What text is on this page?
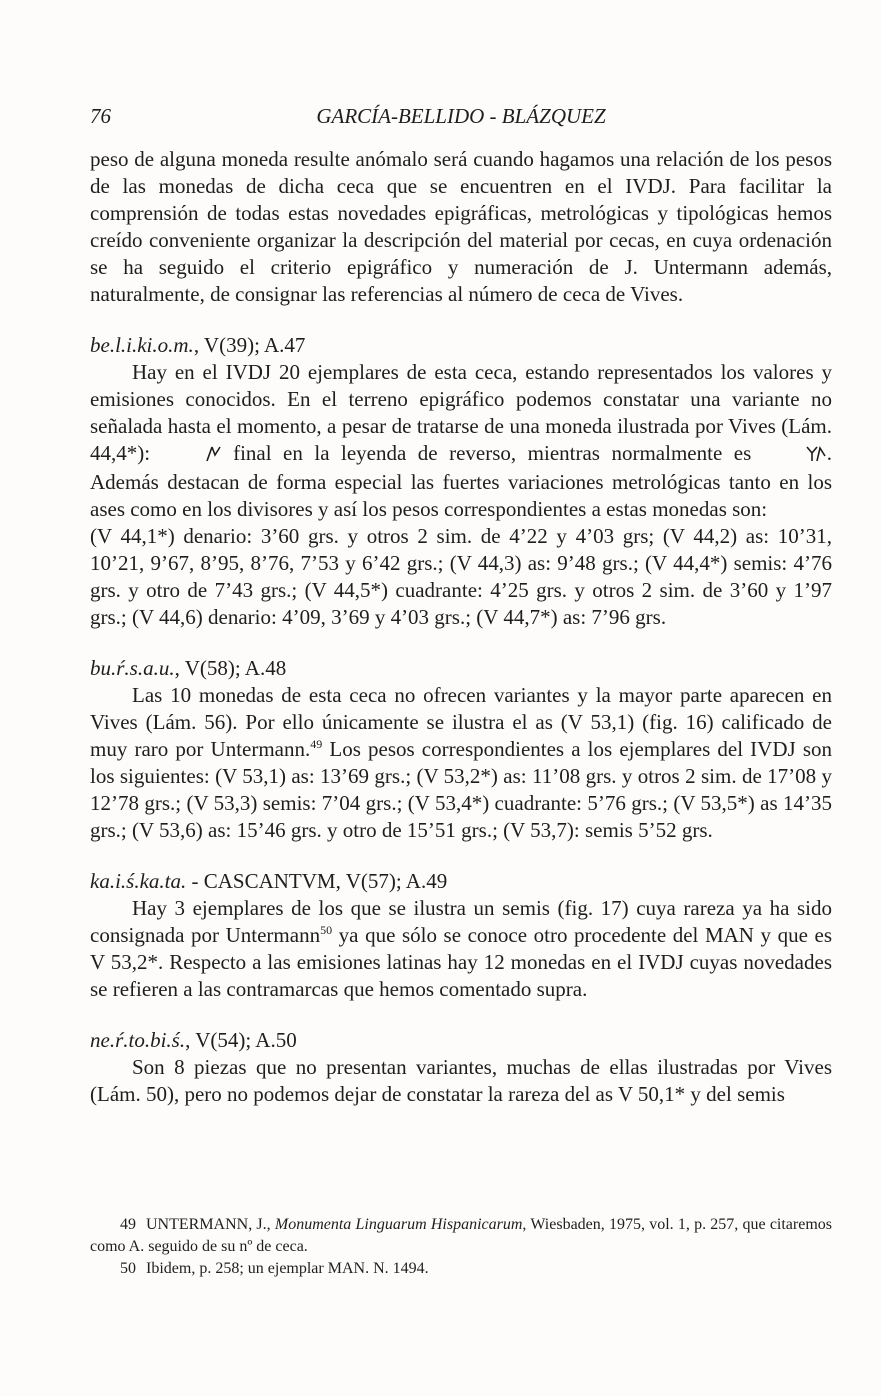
76	GARCÍA-BELLIDO - BLÁZQUEZ

peso de alguna moneda resulte anómalo será cuando hagamos una relación de los pesos de las monedas de dicha ceca que se encuentren en el IVDJ. Para facilitar la comprensión de todas estas novedades epigráficas, metrológicas y tipológicas hemos creído conveniente organizar la descripción del material por cecas, en cuya ordenación se ha seguido el criterio epigráfico y numeración de J. Untermann además, naturalmente, de consignar las referencias al número de ceca de Vives.

be.l.i.ki.o.m., V(39); A.47

Hay en el IVDJ 20 ejemplares de esta ceca, estando representados los valores y emisiones conocidos. En el terreno epigráfico podemos constatar una variante no señalada hasta el momento, a pesar de tratarse de una moneda ilustrada por Vives (Lám. 44,4*):	final en la leyenda de reverso, mientras normalmente es	. Además destacan de forma especial las fuertes variaciones metrológicas tanto en los ases como en los divisores y así los pesos correspondientes a estas monedas son:

(V 44,1*) denario: 3’60 grs. y otros 2 sim. de 4’22 y 4’03 grs; (V 44,2) as: 10’31, 10’21, 9’67, 8’95, 8’76, 7’53 y 6’42 grs.; (V 44,3) as: 9’48 grs.; (V 44,4*) semis: 4’76 grs. y otro de 7’43 grs.; (V 44,5*) cuadrante: 4’25 grs. y otros 2 sim. de 3’60 y 1’97 grs.; (V 44,6) denario: 4’09, 3’69 y 4’03 grs.; (V 44,7*) as: 7’96 grs.

bu.ŕ.s.a.u., V(58); A.48

Las 10 monedas de esta ceca no ofrecen variantes y la mayor parte aparecen en Vives (Lám. 56). Por ello únicamente se ilustra el as (V 53,1) (fig. 16) calificado de muy raro por Untermann.$^{49}$ Los pesos correspondientes a los ejemplares del IVDJ son los siguientes: (V 53,1) as: 13’69 grs.; (V 53,2*) as: 11’08 grs. y otros 2 sim. de 17’08 y 12’78 grs.; (V 53,3) semis: 7’04 grs.; (V 53,4*) cuadrante: 5’76 grs.; (V 53,5*) as 14’35 grs.; (V 53,6) as: 15’46 grs. y otro de 15’51 grs.; (V 53,7): semis 5’52 grs.

ka.i.ś.ka.ta. - CASCANTVM, V(57); A.49

Hay 3 ejemplares de los que se ilustra un semis (fig. 17) cuya rareza ya ha sido consignada por Untermann$^{50}$ ya que sólo se conoce otro procedente del MAN y que es V 53,2*. Respecto a las emisiones latinas hay 12 monedas en el IVDJ cuyas novedades se refieren a las contramarcas que hemos comentado supra.

ne.ŕ.to.bi.ś., V(54); A.50

Son 8 piezas que no presentan variantes, muchas de ellas ilustradas por Vives (Lám. 50), pero no podemos dejar de constatar la rareza del as V 50,1* y del semis

49 UNTERMANN, J., Monumenta Linguarum Hispanicarum, Wiesbaden, 1975, vol. 1, p. 257, que citaremos como A. seguido de su nº de ceca.

50 Ibidem, p. 258; un ejemplar MAN. N. 1494.
